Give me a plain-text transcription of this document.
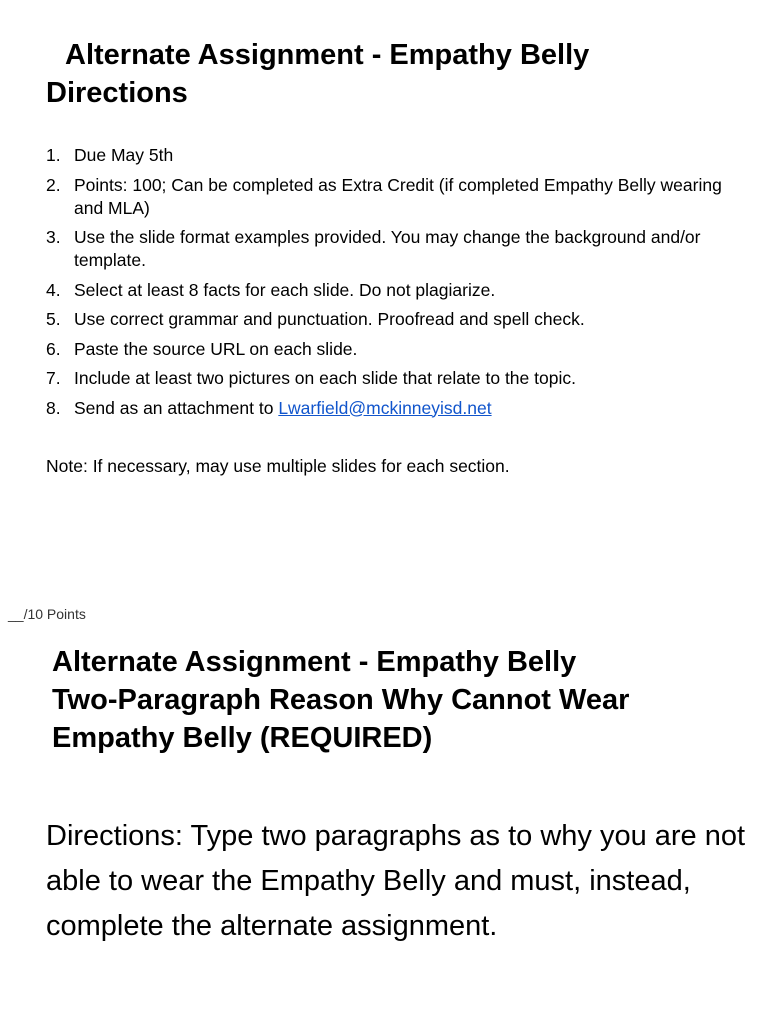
Alternate Assignment - Empathy Belly
Directions
1. Due May 5th
2. Points: 100; Can be completed as Extra Credit (if completed Empathy Belly wearing and MLA)
3. Use the slide format examples provided. You may change the background and/or template.
4. Select at least 8 facts for each slide. Do not plagiarize.
5. Use correct grammar and punctuation. Proofread and spell check.
6. Paste the source URL on each slide.
7. Include at least two pictures on each slide that relate to the topic.
8. Send as an attachment to Lwarfield@mckinneyisd.net

Note: If necessary, may use multiple slides for each section.

__/10 Points

Alternate Assignment - Empathy Belly
Two-Paragraph Reason Why Cannot Wear
Empathy Belly (REQUIRED)

Directions: Type two paragraphs as to why you are not able to wear the Empathy Belly and must, instead, complete the alternate assignment.
